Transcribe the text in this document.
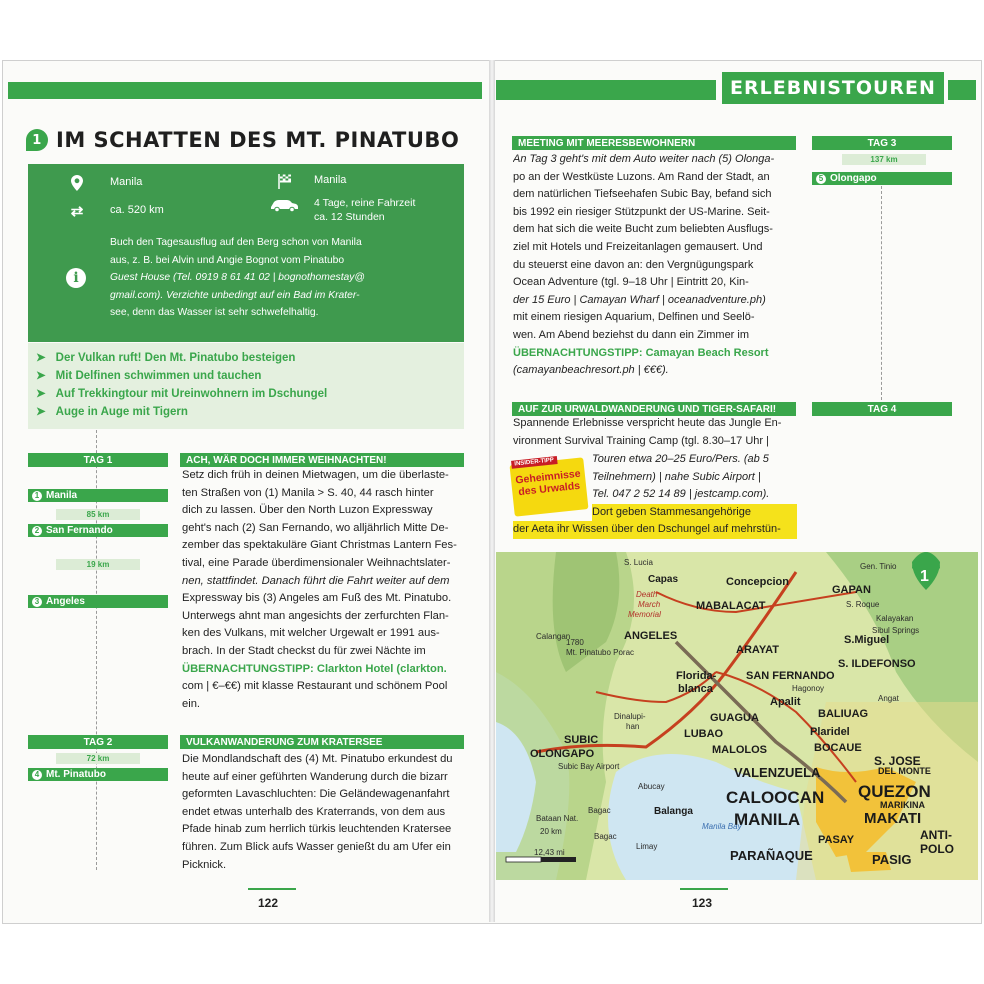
1 IM SCHATTEN DES MT. PINATUBO
Manila
⇄ ca. 520 km
Manila
4 Tage, reine Fahrzeit
ca. 12 Stunden
i
Buch den Tagesausflug auf den Berg schon von Manila
aus, z. B. bei Alvin und Angie Bognot vom Pinatubo
Guest House (Tel. 0919 8 61 41 02 | bognothomestay@
gmail.com). Verzichte unbedingt auf ein Bad im Krater-
see, denn das Wasser ist sehr schwefelhaltig.
➤ Der Vulkan ruft! Den Mt. Pinatubo besteigen
➤ Mit Delfinen schwimmen und tauchen
➤ Auf Trekkingtour mit Ureinwohnern im Dschungel
➤ Auge in Auge mit Tigern
TAG 1	ACH, WÄR DOCH IMMER WEIHNACHTEN!
1 Manila
85 km
2 San Fernando
19 km
3 Angeles
Setz dich früh in deinen Mietwagen, um die überlaste-
ten Straßen von (1) Manila > S. 40, 44 rasch hinter
dich zu lassen. Über den North Luzon Expressway
geht's nach (2) San Fernando, wo alljährlich Mitte De-
zember das spektakuläre Giant Christmas Lantern Fes-
tival, eine Parade überdimensionaler Weihnachtslater-
nen, stattfindet. Danach führt die Fahrt weiter auf dem
Expressway bis (3) Angeles am Fuß des Mt. Pinatubo.
Unterwegs ahnt man angesichts der zerfurchten Flan-
ken des Vulkans, mit welcher Urgewalt er 1991 aus-
brach. In der Stadt checkst du für zwei Nächte im
ÜBERNACHTUNGSTIPP: Clarkton Hotel (clarkton.
com | €–€€) mit klasse Restaurant und schönem Pool
ein.
TAG 2	VULKANWANDERUNG ZUM KRATERSEE
72 km
4 Mt. Pinatubo
Die Mondlandschaft des (4) Mt. Pinatubo erkundest du
heute auf einer geführten Wanderung durch die bizarr
geformten Lavaschluchten: Die Geländewagenanfahrt
endet etwas unterhalb des Kraterrands, von dem aus
Pfade hinab zum herrlich türkis leuchtenden Kratersee
führen. Zum Blick aufs Wasser genießt du am Ufer ein
Picknick.
122
ERLEBNISTOUREN
MEETING MIT MEERESBEWOHNERN	TAG 3
137 km
5 Olongapo
An Tag 3 geht's mit dem Auto weiter nach (5) Olonga-
po an der Westküste Luzons. Am Rand der Stadt, an
dem natürlichen Tiefseehafen Subic Bay, befand sich
bis 1992 ein riesiger Stützpunkt der US-Marine. Seit-
dem hat sich die weite Bucht zum beliebten Ausflugs-
ziel mit Hotels und Freizeitanlagen gemausert. Und
du steuerst eine davon an: den Vergnügungspark
Ocean Adventure (tgl. 9–18 Uhr | Eintritt 20, Kin-
der 15 Euro | Camayan Wharf | oceanadventure.ph)
mit einem riesigen Aquarium, Delfinen und Seelö-
wen. Am Abend beziehst du dann ein Zimmer im
ÜBERNACHTUNGSTIPP: Camayan Beach Resort
(camayanbeachresort.ph | €€€).
AUF ZUR URWALDWANDERUNG UND TIGER-SAFARI!	TAG 4
INSIDER-TIPP
Geheimnisse des Urwalds
Spannende Erlebnisse verspricht heute das Jungle En-
vironment Survival Training Camp (tgl. 8.30–17 Uhr |
Touren etwa 20–25 Euro/Pers. (ab 5
Teilnehmern) | nahe Subic Airport |
Tel. 047 2 52 14 89 | jestcamp.com).
Dort geben Stammesangehörige
der Aeta ihr Wissen über den Dschungel auf mehrstün-
1
20 km
12,43 mi
CALOOCAN QUEZON
MANILA	MAKATI
VALENZUELA
PARAÑAQUE	PASIG
Concepcion
GAPAN
MABALACAT
ARAYAT
ANGELES	S.Miguel
S. ILDEFONSO
SAN FERNANDO
Florida-
blanca
Apalit
BALIUAG
GUAGUA
LUBAO	Plaridel
MALOLOS
SUBIC
OLONGAPO	BOCAUE
S. JOSE
DEL MONTE
MARIKINA
PASAY	ANTI-
POLO
Balanga
Capas
Dinalupi-
han
S. Lucia	Gen. Tinio
S. Roque
Kalayakan
Sibul Springs
Hagonoy
Angat
Abucay
Bagac
Calangan
Mt. Pinatubo Porac
1780
Limay
Bagac
Subic Bay Airport
Bataan Nat.
Manila Bay
Death
March
Memorial
123
